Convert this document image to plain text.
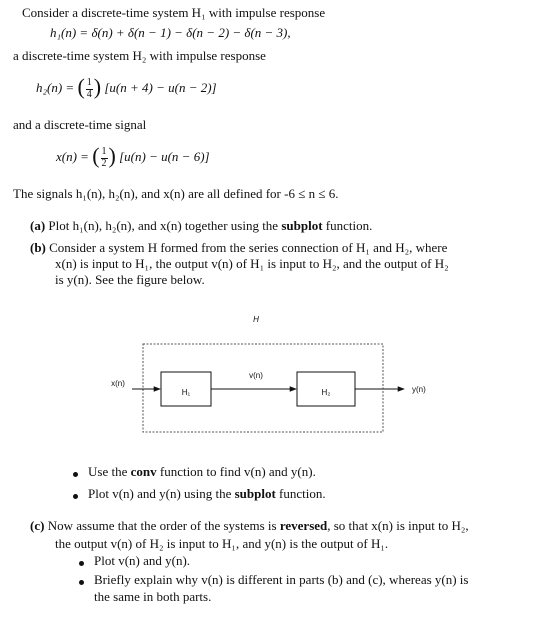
Consider a discrete-time system H₁ with impulse response
h₁(n) = δ(n) + δ(n − 1) − δ(n − 2) − δ(n − 3),
a discrete-time system H₂ with impulse response
h₂(n) = ( $\frac{1}{4}$ ) [u(n + 4) − u(n − 2)]
and a discrete-time signal
x(n) = ( $\frac{1}{2}$ ) [u(n) − u(n − 6)]
The signals h₁(n), h₂(n), and x(n) are all defined for -6 ≤ n ≤ 6.
(a) Plot h₁(n), h₂(n), and x(n) together using the subplot function.
(b) Consider a system H formed from the series connection of H₁ and H₂, where
x(n) is input to H₁, the output v(n) of H₁ is input to H₂, and the output of H₂
is y(n). See the figure below.
H
x(n)
H₁
v(n)
H₂	y(n)
Use the conv function to find v(n) and y(n).
Plot v(n) and y(n) using the subplot function.
(c) Now assume that the order of the systems is reversed, so that x(n) is input to H₂,
the output v(n) of H₂ is input to H₁, and y(n) is the output of H₁.
Plot v(n) and y(n).
Briefly explain why v(n) is different in parts (b) and (c), whereas y(n) is
the same in both parts.
